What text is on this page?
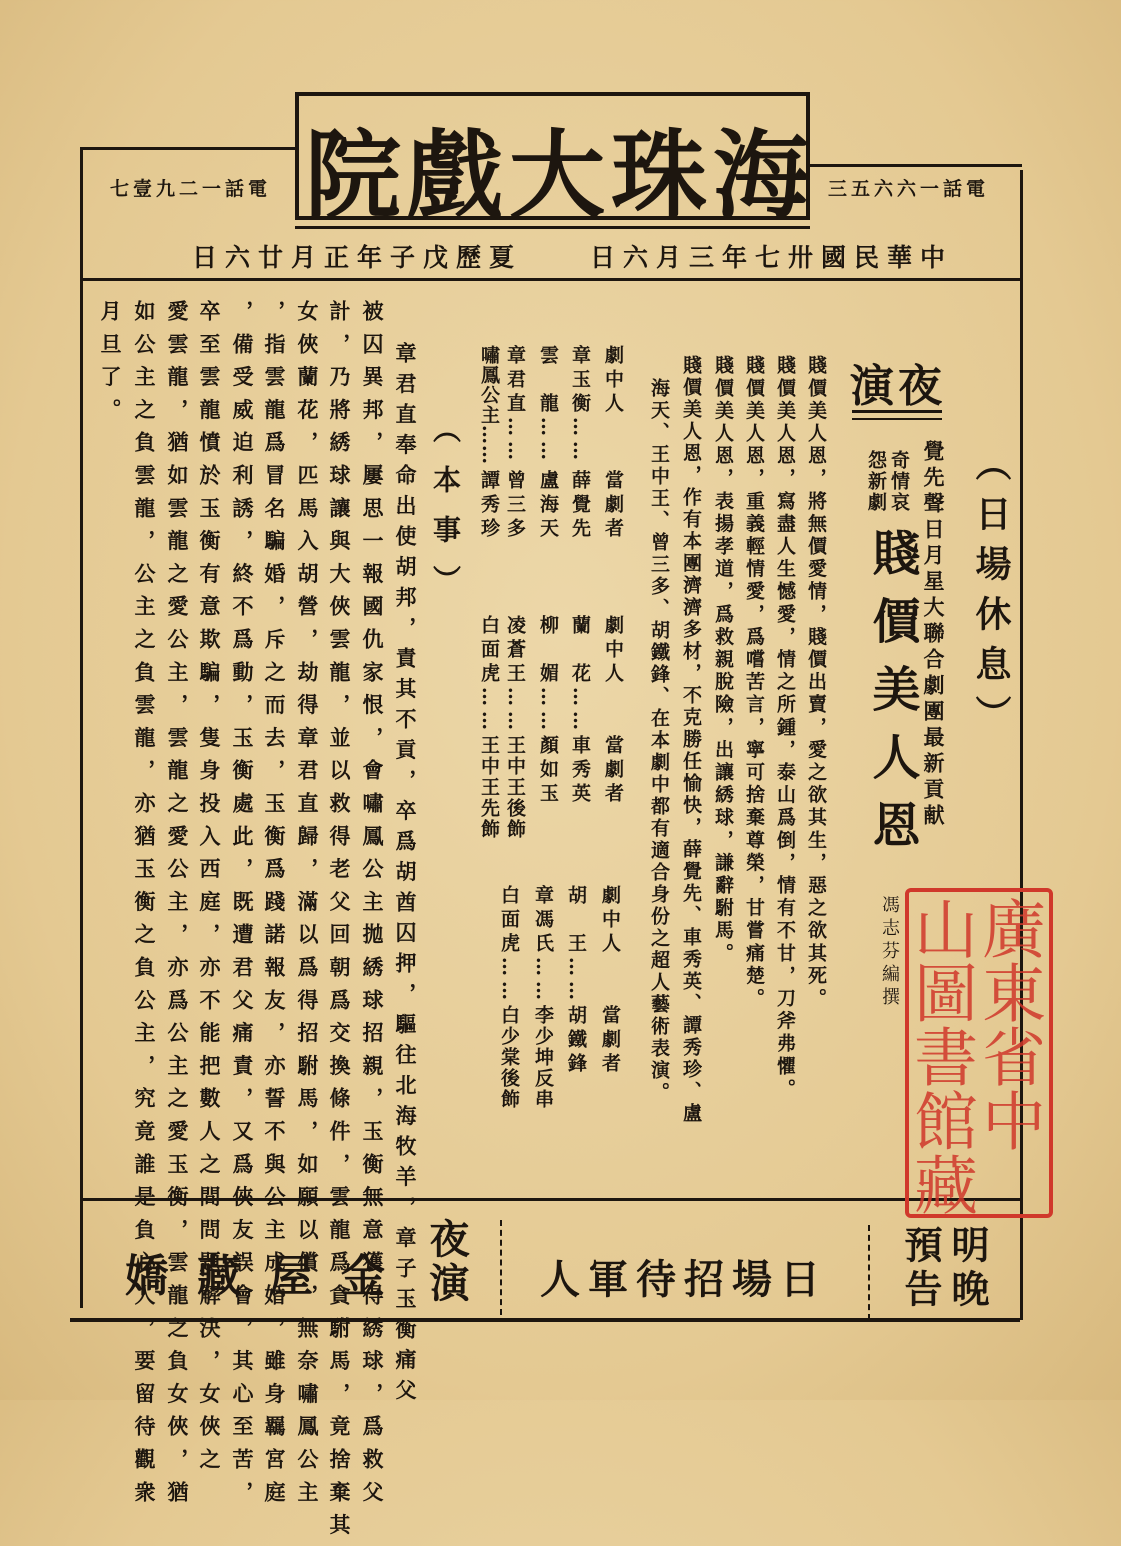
海珠大戲院
電話一二九壹七	電話一六六五三
夏歷戊子年正月廿六日	中華民國卅七年三月六日
（日場休息）
夜演
覺先聲日月星大聯合劇團最新貢献
奇情哀
怨新劇
賤價美人恩
馮志芬編撰 廣東省中
山圖書館藏
賤價美人恩，將無價愛情，賤價出賣，愛之欲其生，惡之欲其死。
賤價美人恩，寫盡人生憾愛，情之所鍾，泰山爲倒，情有不甘，刀斧弗懼。
賤價美人恩，重義輕情愛，爲嚐苦言，寧可捨棄尊榮，甘嘗痛楚。
賤價美人恩，表揚孝道，爲救親脫險，出讓綉球，謙辭駙馬。
賤價美人恩，作有本團濟濟多材，不克勝任愉快，薛覺先、車秀英、譚秀珍、盧
海天、王中王、曾三多、胡鐵鋒、在本劇中都有適合身份之超人藝術表演。
劇中人
當劇者
章玉衡……
薛覺先
雲　龍……
盧海天
章君直……
曾三多
嘯鳳公主……
譚秀珍
劇中人
當劇者
蘭　花……
車秀英
柳　媚……
顏如玉
凌蒼王……
王中王後飾
白面虎……
王中王先飾
劇中人
當劇者
胡　王……
胡鐵鋒
章馮氏……
李少坤反串
白面虎……
白少棠後飾
（本事）
章君直奉命出使胡邦，責其不貢，卒爲胡酋囚押，驅往北海牧羊，章子玉衡痛父
被囚異邦，屢思一報國仇家恨，會嘯鳳公主拋綉球招親，玉衡無意獲得綉球，爲救父
計，乃將綉球讓與大俠雲龍，並以救得老父回朝爲交換條件，雲龍爲貪駙馬，竟捨棄其
女俠蘭花，匹馬入胡營，劫得章君直歸，滿以爲得招駙馬，如願以償，無奈嘯鳳公主
，指雲龍爲冒名騙婚，斥之而去，玉衡爲踐諾報友，亦誓不與公主成婚，雖身羈宮庭
，備受威迫利誘，終不爲動，玉衡處此，既遭君父痛責，又爲俠友誤會，其心至苦，
卒至雲龍憤於玉衡有意欺騙，隻身投入西庭，亦不能把數人之間問題解決，女俠之
愛雲龍，猶如雲龍之愛公主，雲龍之愛公主，亦爲公主之愛玉衡，雲龍之負女俠，猶
如公主之負雲龍，公主之負雲龍，亦猶玉衡之負公主，究竟誰是負心人，要留待觀衆
月旦了。
明晚
預告
日場招待軍人
夜演
金屋藏嬌
